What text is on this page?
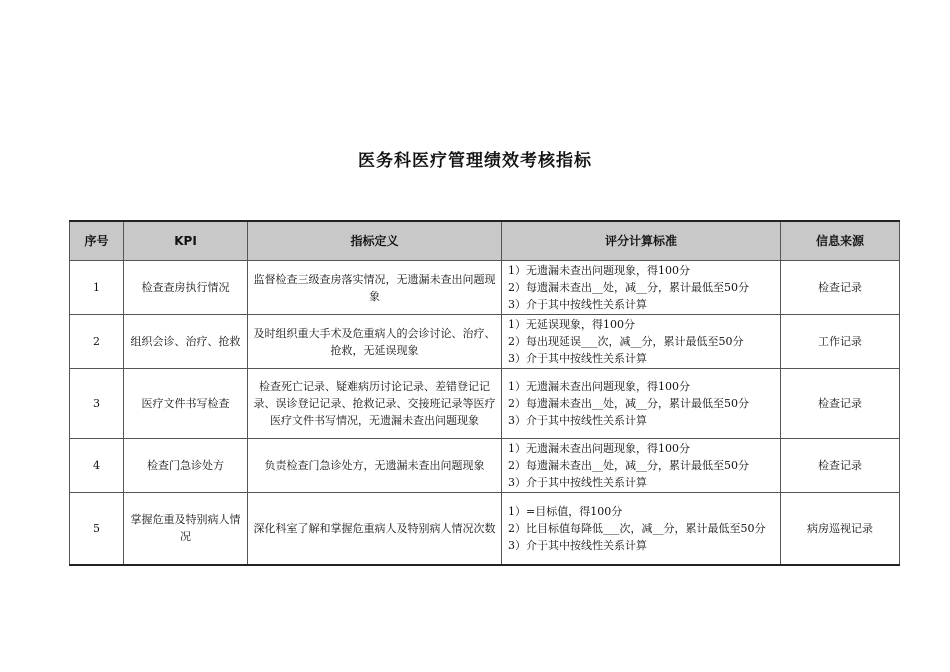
医务科医疗管理绩效考核指标
序号	KPI	指标定义	评分计算标准	信息来源
1	检查查房执行情况	监督检查三级查房落实情况，无遗漏未查出问题现象	1）无遗漏未查出问题现象，得100分
2）每遗漏未查出__处，减__分，累计最低至50分
3）介于其中按线性关系计算	检查记录
2	组织会诊、治疗、抢救	及时组织重大手术及危重病人的会诊讨论、治疗、抢救，无延误现象	1）无延误现象，得100分
2）每出现延误___次，减__分，累计最低至50分
3）介于其中按线性关系计算	工作记录
3	医疗文件书写检查	检查死亡记录、疑难病历讨论记录、差错登记记录、误诊登记记录、抢救记录、交接班记录等医疗医疗文件书写情况，无遗漏未查出问题现象	1）无遗漏未查出问题现象，得100分
2）每遗漏未查出__处，减__分，累计最低至50分
3）介于其中按线性关系计算	检查记录
4	检查门急诊处方	负责检查门急诊处方，无遗漏未查出问题现象	1）无遗漏未查出问题现象，得100分
2）每遗漏未查出__处，减__分，累计最低至50分
3）介于其中按线性关系计算	检查记录
5	掌握危重及特别病人情况	深化科室了解和掌握危重病人及特别病人情况次数	1）=目标值，得100分
2）比目标值每降低___次，减__分，累计最低至50分
3）介于其中按线性关系计算	病房巡视记录
